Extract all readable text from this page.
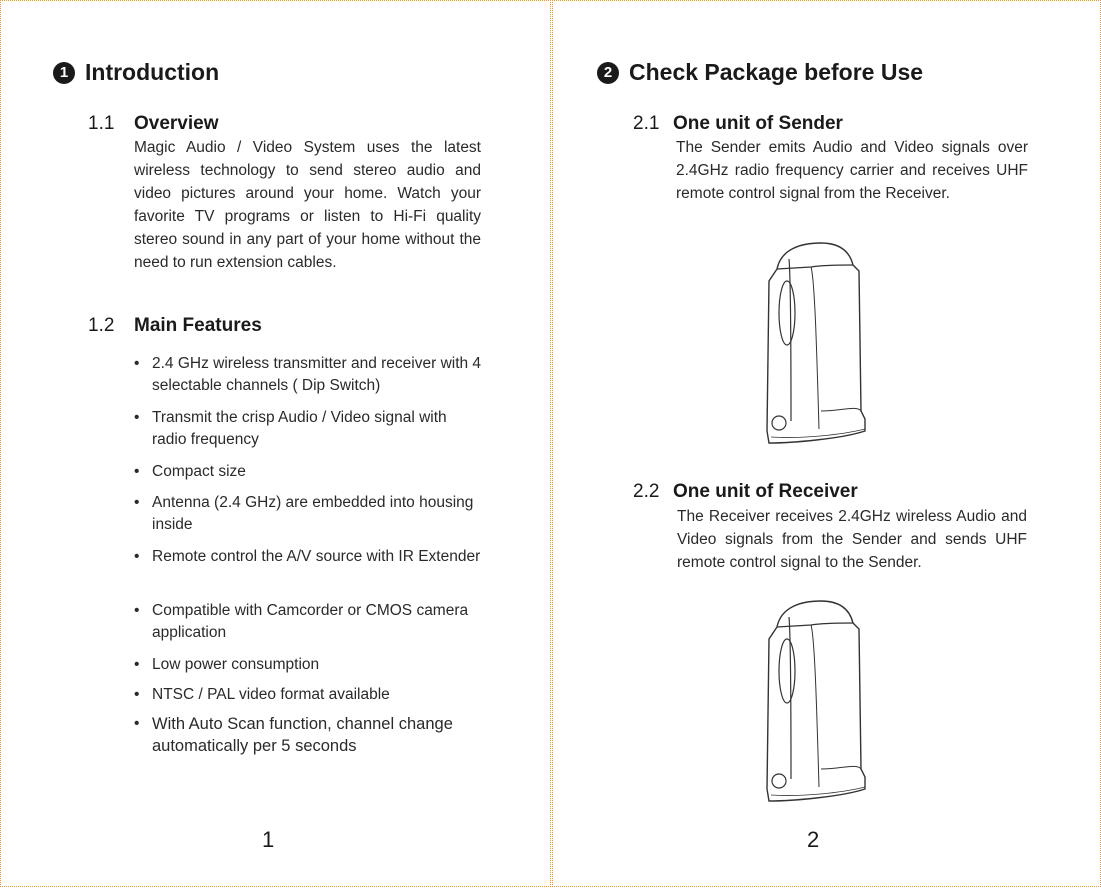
1 Introduction
1.1 Overview
Magic Audio / Video System uses the latest wireless technology to send stereo audio and video pictures around your home. Watch your favorite TV programs or listen to Hi-Fi quality stereo sound in any part of your home without the need to run extension cables.
1.2 Main Features
• 2.4 GHz wireless transmitter and receiver with 4 selectable channels ( Dip Switch)
• Transmit the crisp Audio / Video signal with radio frequency
• Compact size
• Antenna (2.4 GHz) are embedded into housing inside
• Remote control the A/V source with IR Extender
• Compatible with Camcorder or CMOS camera application
• Low power consumption
• NTSC / PAL video format available
• With Auto Scan function, channel change automatically per 5 seconds
1
2 Check Package before Use
2.1 One unit of Sender
The Sender emits Audio and Video signals over 2.4GHz radio frequency carrier and receives UHF remote control signal from the Receiver.
2.2 One unit of Receiver
The Receiver receives 2.4GHz wireless Audio and Video signals from the Sender and sends UHF remote control signal to the Sender.
2
